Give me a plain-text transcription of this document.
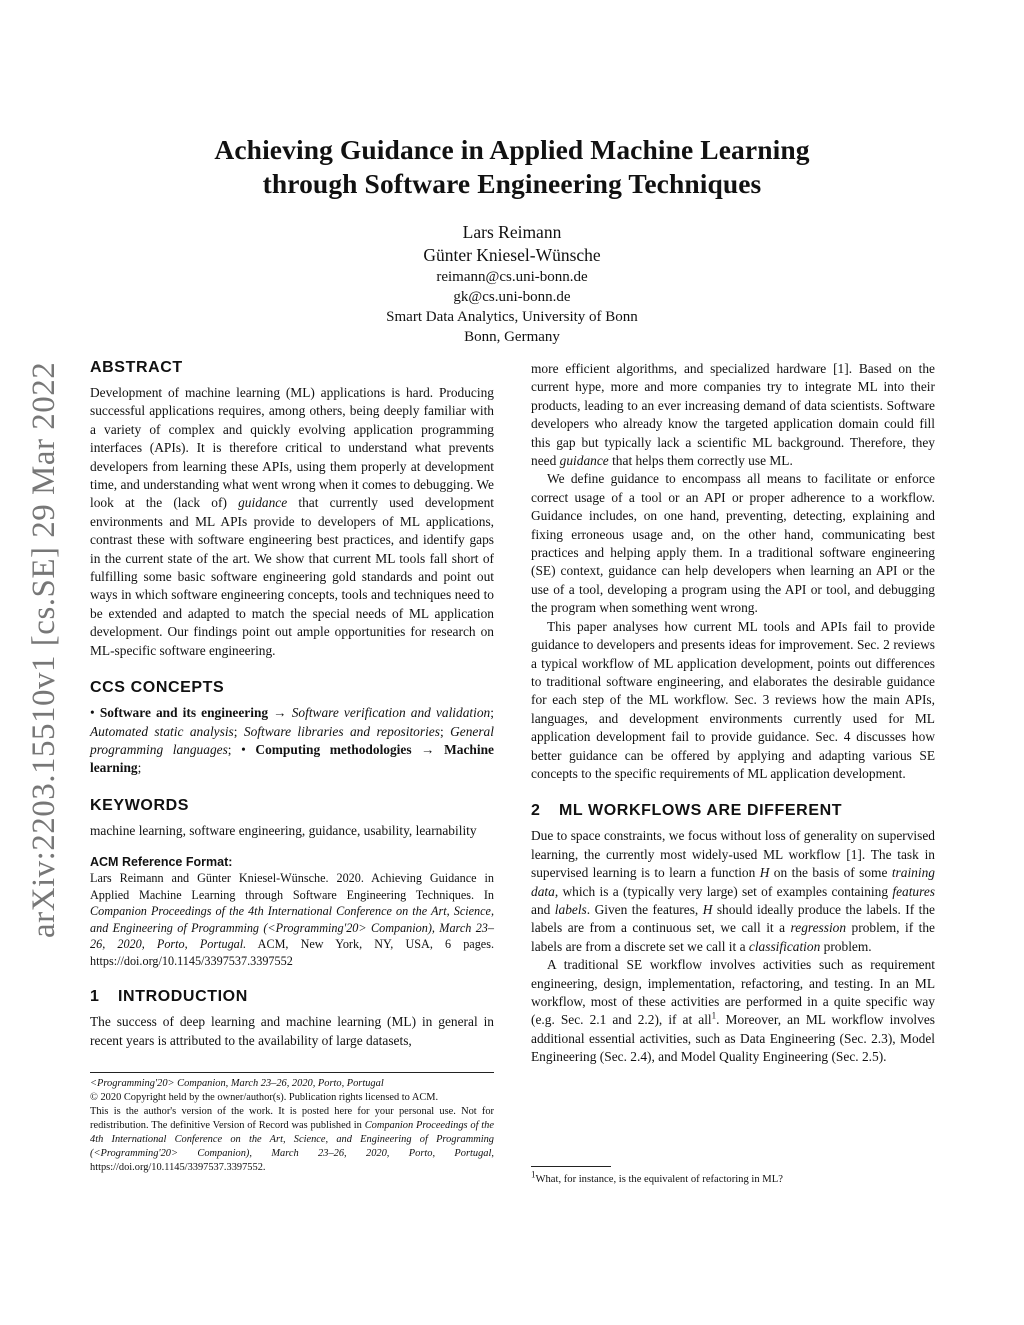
arXiv:2203.15510v1 [cs.SE] 29 Mar 2022
Achieving Guidance in Applied Machine Learning
through Software Engineering Techniques
Lars Reimann
Günter Kniesel-Wünsche
reimann@cs.uni-bonn.de
gk@cs.uni-bonn.de
Smart Data Analytics, University of Bonn
Bonn, Germany
ABSTRACT

Development of machine learning (ML) applications is hard. Producing successful applications requires, among others, being deeply familiar with a variety of complex and quickly evolving application programming interfaces (APIs). It is therefore critical to understand what prevents developers from learning these APIs, using them properly at development time, and understanding what went wrong when it comes to debugging. We look at the (lack of) guidance that currently used development environments and ML APIs provide to developers of ML applications, contrast these with software engineering best practices, and identify gaps in the current state of the art. We show that current ML tools fall short of fulfilling some basic software engineering gold standards and point out ways in which software engineering concepts, tools and techniques need to be extended and adapted to match the special needs of ML application development. Our findings point out ample opportunities for research on ML-specific software engineering.

CCS CONCEPTS

• Software and its engineering → Software verification and validation; Automated static analysis; Software libraries and repositories; General programming languages; • Computing methodologies → Machine learning;

KEYWORDS

machine learning, software engineering, guidance, usability, learnability

ACM Reference Format:

Lars Reimann and Günter Kniesel-Wünsche. 2020. Achieving Guidance in Applied Machine Learning through Software Engineering Techniques. In Companion Proceedings of the 4th International Conference on the Art, Science, and Engineering of Programming (<Programming'20> Companion), March 23–26, 2020, Porto, Portugal. ACM, New York, NY, USA, 6 pages. https://doi.org/10.1145/3397537.3397552

1 INTRODUCTION

The success of deep learning and machine learning (ML) in general in recent years is attributed to the availability of large datasets,

<Programming'20> Companion, March 23–26, 2020, Porto, Portugal
© 2020 Copyright held by the owner/author(s). Publication rights licensed to ACM.
This is the author's version of the work. It is posted here for your personal use. Not for redistribution. The definitive Version of Record was published in Companion Proceedings of the 4th International Conference on the Art, Science, and Engineering of Programming (<Programming'20> Companion), March 23–26, 2020, Porto, Portugal, https://doi.org/10.1145/3397537.3397552.

more efficient algorithms, and specialized hardware [1]. Based on the current hype, more and more companies try to integrate ML into their products, leading to an ever increasing demand of data scientists. Software developers who already know the targeted application domain could fill this gap but typically lack a scientific ML background. Therefore, they need guidance that helps them correctly use ML.

We define guidance to encompass all means to facilitate or enforce correct usage of a tool or an API or proper adherence to a workflow. Guidance includes, on one hand, preventing, detecting, explaining and fixing erroneous usage and, on the other hand, communicating best practices and helping apply them. In a traditional software engineering (SE) context, guidance can help developers when learning an API or the use of a tool, developing a program using the API or tool, and debugging the program when something went wrong.

This paper analyses how current ML tools and APIs fail to provide guidance to developers and presents ideas for improvement. Sec. 2 reviews a typical workflow of ML application development, points out differences to traditional software engineering, and elaborates the desirable guidance for each step of the ML workflow. Sec. 3 reviews how the main APIs, languages, and development environments currently used for ML application development fail to provide guidance. Sec. 4 discusses how better guidance can be offered by applying and adapting various SE concepts to the specific requirements of ML application development.

2 ML WORKFLOWS ARE DIFFERENT

Due to space constraints, we focus without loss of generality on supervised learning, the currently most widely-used ML workflow [1]. The task in supervised learning is to learn a function H on the basis of some training data, which is a (typically very large) set of examples containing features and labels. Given the features, H should ideally produce the labels. If the labels are from a continuous set, we call it a regression problem, if the labels are from a discrete set we call it a classification problem.

A traditional SE workflow involves activities such as requirement engineering, design, implementation, refactoring, and testing. In an ML workflow, most of these activities are performed in a quite specific way (e.g. Sec. 2.1 and 2.2), if at all$^1$. Moreover, an ML workflow involves additional essential activities, such as Data Engineering (Sec. 2.3), Model Engineering (Sec. 2.4), and Model Quality Engineering (Sec. 2.5).

$^1$What, for instance, is the equivalent of refactoring in ML?
